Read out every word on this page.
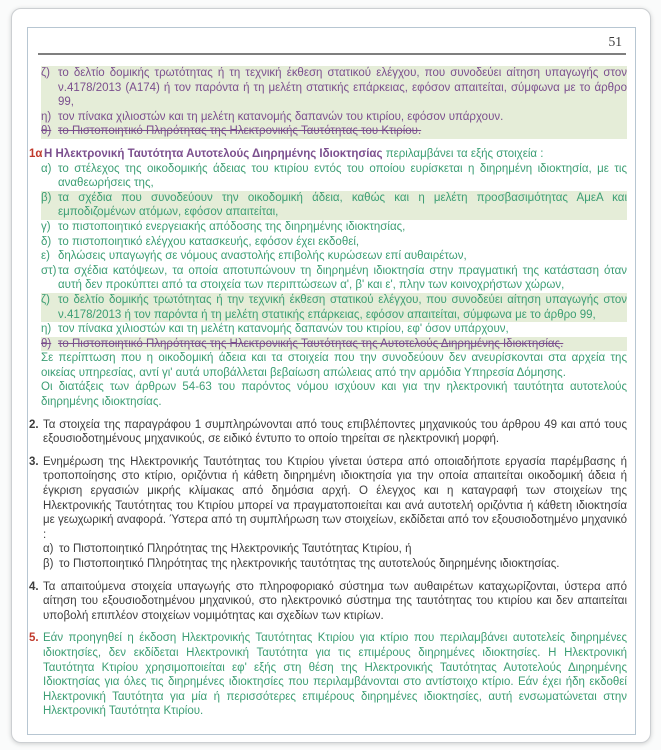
51
ζ) το δελτίο δομικής τρωτότητας ή τη τεχνική έκθεση στατικού ελέγχου, που συνοδεύει αίτηση υπαγωγής στον ν.4178/2013 (Α174) ή τον παρόντα ή τη μελέτη στατικής επάρκειας, εφόσον απαιτείται, σύμφωνα με το άρθρο 99,
η) τον πίνακα χιλιοστών και τη μελέτη κατανομής δαπανών του κτιρίου, εφόσον υπάρχουν.
θ) το Πιστοποιητικό Πληρότητας της Ηλεκτρονικής Ταυτότητας του Κτιρίου.
1α Η Ηλεκτρονική Ταυτότητα Αυτοτελούς Διηρημένης Ιδιοκτησίας περιλαμβάνει τα εξής στοιχεία :
α) το στέλεχος της οικοδομικής άδειας του κτιρίου εντός του οποίου ευρίσκεται η διηρημένη ιδιοκτησία, με τις αναθεωρήσεις της,
β) τα σχέδια που συνοδεύουν την οικοδομική άδεια, καθώς και η μελέτη προσβασιμότητας ΑμεΑ και εμποδιζομένων ατόμων, εφόσον απαιτείται,
γ) το πιστοποιητικό ενεργειακής απόδοσης της διηρημένης ιδιοκτησίας,
δ) το πιστοποιητικό ελέγχου κατασκευής, εφόσον έχει εκδοθεί,
ε) δηλώσεις υπαγωγής σε νόμους αναστολής επιβολής κυρώσεων επί αυθαιρέτων,
στ) τα σχέδια κατόψεων, τα οποία αποτυπώνουν τη διηρημένη ιδιοκτησία στην πραγματική της κατάσταση όταν αυτή δεν προκύπτει από τα στοιχεία των περιπτώσεων α', β' και ε', πλην των κοινοχρήστων χώρων,
ζ) το δελτίο δομικής τρωτότητας ή την τεχνική έκθεση στατικού ελέγχου, που συνοδεύει αίτηση υπαγωγής στον ν.4178/2013 ή τον παρόντα ή τη μελέτη στατικής επάρκειας, εφόσον απαιτείται, σύμφωνα με το άρθρο 99,
η) τον πίνακα χιλιοστών και τη μελέτη κατανομής δαπανών του κτιρίου, εφ' όσον υπάρχουν,
θ) το Πιστοποιητικό Πληρότητας της Ηλεκτρονικής Ταυτότητας της Αυτοτελούς Διηρημένης Ιδιοκτησίας.
Σε περίπτωση που η οικοδομική άδεια και τα στοιχεία που την συνοδεύουν δεν ανευρίσκονται στα αρχεία της οικείας υπηρεσίας, αντί γι' αυτά υποβάλλεται βεβαίωση απώλειας από την αρμόδια Υπηρεσία Δόμησης.
Οι διατάξεις των άρθρων 54-63 του παρόντος νόμου ισχύουν και για την ηλεκτρονική ταυτότητα αυτοτελούς διηρημένης ιδιοκτησίας.
2. Τα στοιχεία της παραγράφου 1 συμπληρώνονται από τους επιβλέποντες μηχανικούς του άρθρου 49 και από τους εξουσιοδοτημένους μηχανικούς, σε ειδικό έντυπο το οποίο τηρείται σε ηλεκτρονική μορφή.
3. Ενημέρωση της Ηλεκτρονικής Ταυτότητας του Κτιρίου γίνεται ύστερα από οποιαδήποτε εργασία παρέμβασης ή τροποποίησης στο κτίριο, οριζόντια ή κάθετη διηρημένη ιδιοκτησία για την οποία απαιτείται οικοδομική άδεια ή έγκριση εργασιών μικρής κλίμακας από δημόσια αρχή. Ο έλεγχος και η καταγραφή των στοιχείων της Ηλεκτρονικής Ταυτότητας του Κτιρίου μπορεί να πραγματοποιείται και ανά αυτοτελή οριζόντια ή κάθετη ιδιοκτησία με γεωχωρική αναφορά. Ύστερα από τη συμπλήρωση των στοιχείων, εκδίδεται από τον εξουσιοδοτημένο μηχανικό :
α) το Πιστοποιητικό Πληρότητας της Ηλεκτρονικής Ταυτότητας Κτιρίου, ή
β) το Πιστοποιητικό Πληρότητας της ηλεκτρονικής ταυτότητας της αυτοτελούς διηρημένης ιδιοκτησίας.
4. Τα απαιτούμενα στοιχεία υπαγωγής στο πληροφοριακό σύστημα των αυθαιρέτων καταχωρίζονται, ύστερα από αίτηση του εξουσιοδοτημένου μηχανικού, στο ηλεκτρονικό σύστημα της ταυτότητας του κτιρίου και δεν απαιτείται υποβολή επιπλέον στοιχείων νομιμότητας και σχεδίων των κτιρίων.
5. Εάν προηγηθεί η έκδοση Ηλεκτρονικής Ταυτότητας Κτιρίου για κτίριο που περιλαμβάνει αυτοτελείς διηρημένες ιδιοκτησίες, δεν εκδίδεται Ηλεκτρονική Ταυτότητα για τις επιμέρους διηρημένες ιδιοκτησίες. Η Ηλεκτρονική Ταυτότητα Κτιρίου χρησιμοποιείται εφ' εξής στη θέση της Ηλεκτρονικής Ταυτότητας Αυτοτελούς Διηρημένης Ιδιοκτησίας για όλες τις διηρημένες ιδιοκτησίες που περιλαμβάνονται στο αντίστοιχο κτίριο. Εάν έχει ήδη εκδοθεί Ηλεκτρονική Ταυτότητα για μία ή περισσότερες επιμέρους διηρημένες ιδιοκτησίες, αυτή ενσωματώνεται στην Ηλεκτρονική Ταυτότητα Κτιρίου.
